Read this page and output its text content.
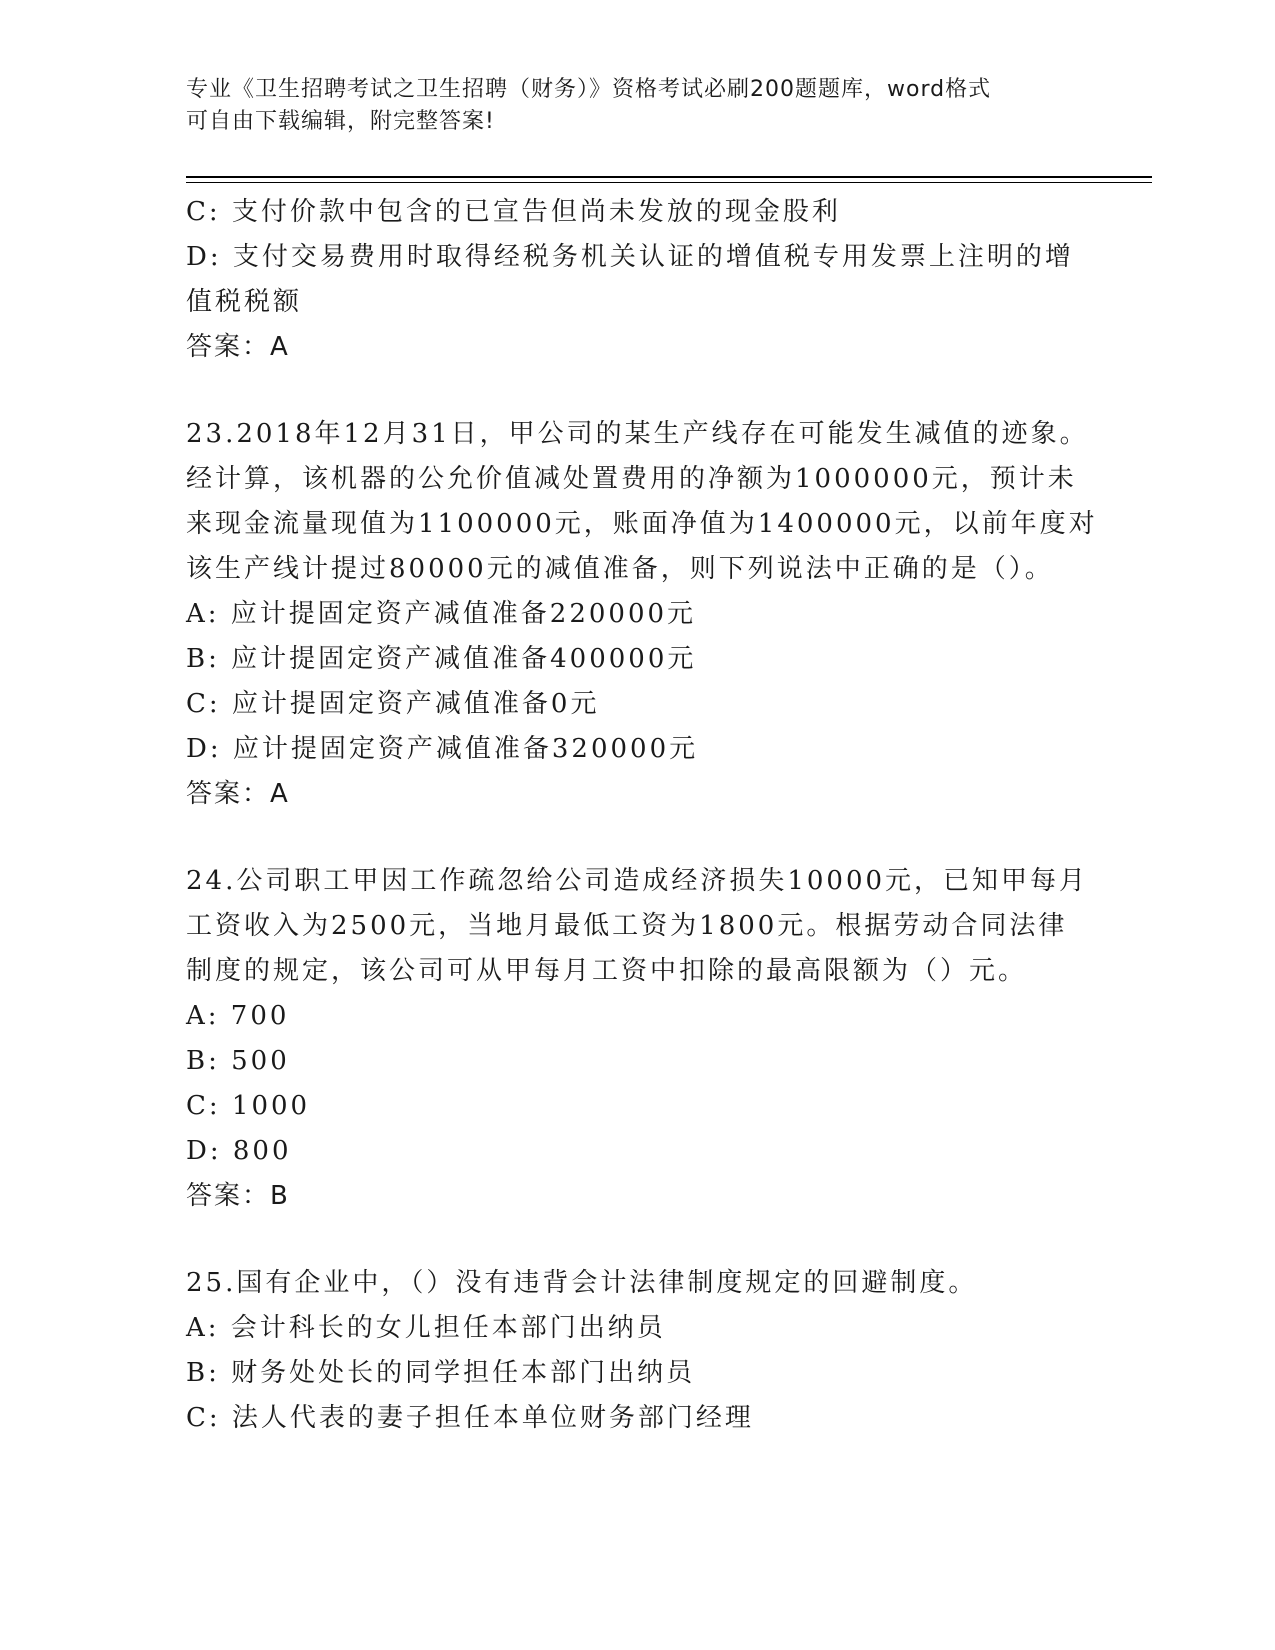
专业《卫生招聘考试之卫生招聘（财务）》资格考试必刷200题题库，word格式
可自由下载编辑，附完整答案!
C: 支付价款中包含的已宣告但尚未发放的现金股利
D: 支付交易费用时取得经税务机关认证的增值税专用发票上注明的增
值税税额
答案：A
23.2018年12月31日，甲公司的某生产线存在可能发生减值的迹象。
经计算，该机器的公允价值减处置费用的净额为1000000元，预计未
来现金流量现值为1100000元，账面净值为1400000元，以前年度对
该生产线计提过80000元的减值准备，则下列说法中正确的是（）。
A: 应计提固定资产减值准备220000元
B: 应计提固定资产减值准备400000元
C: 应计提固定资产减值准备0元
D: 应计提固定资产减值准备320000元
答案：A
24.公司职工甲因工作疏忽给公司造成经济损失10000元，已知甲每月
工资收入为2500元，当地月最低工资为1800元。根据劳动合同法律
制度的规定，该公司可从甲每月工资中扣除的最高限额为（）元。
A: 700
B: 500
C: 1000
D: 800
答案：B
25.国有企业中，（）没有违背会计法律制度规定的回避制度。
A: 会计科长的女儿担任本部门出纳员
B: 财务处处长的同学担任本部门出纳员
C: 法人代表的妻子担任本单位财务部门经理
